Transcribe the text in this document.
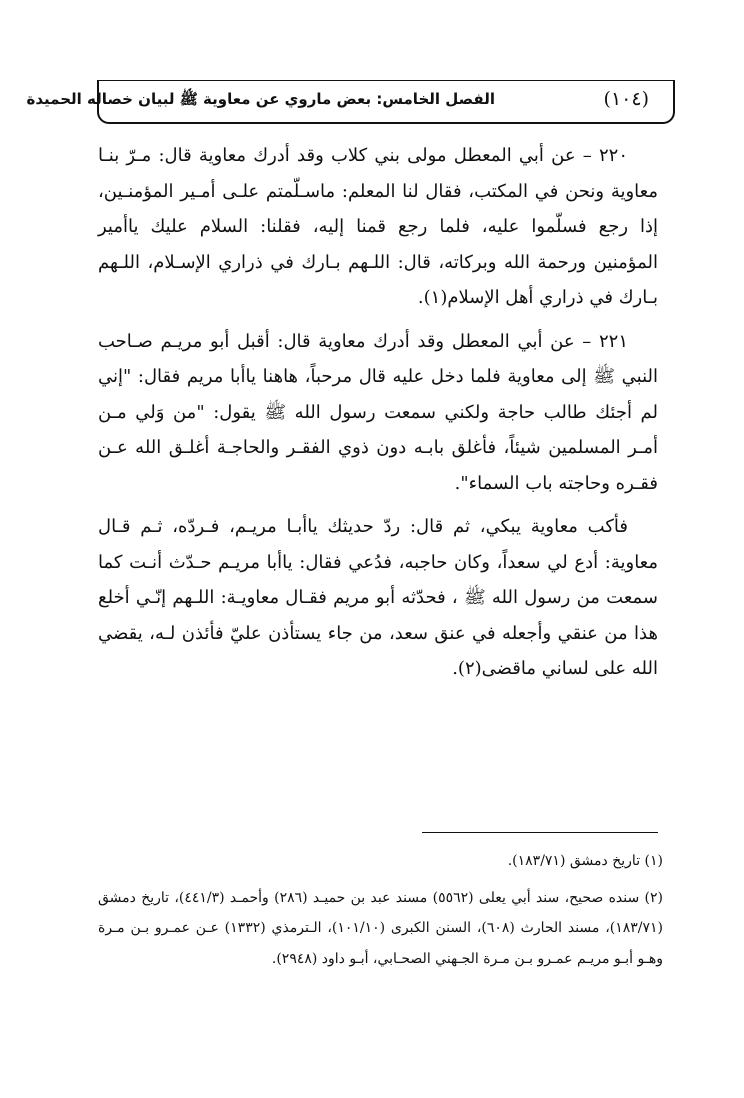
(١٠٤)
الفصل الخامس: بعض ماروي عن معاوية ﷺ لبيان خصاله الحميدة

٢٢٠ – عن أبي المعطل مولى بني كلاب وقد أدرك معاوية قال: مـرّ بنـا معاوية ونحن في المكتب، فقال لنا المعلم: ماسـلّمتم علـى أمـير المؤمنـين، إذا رجع فسلّموا عليه، فلما رجع قمنا إليه، فقلنا: السلام عليك ياأمير المؤمنين ورحمة الله وبركاته، قال: اللـهم بـارك في ذراري الإسـلام، اللـهم بـارك في ذراري أهل الإسلام(١).

٢٢١ – عن أبي المعطل وقد أدرك معاوية قال: أقبل أبو مريـم صـاحب النبي ﷺ إلى معاوية فلما دخل عليه قال مرحباً، هاهنا ياأبا مريم فقال: "إني لم أجئك طالب حاجة ولكني سمعت رسول الله ﷺ يقول: "من وَلي مـن أمـر المسلمين شيئاً، فأغلق بابـه دون ذوي الفقـر والحاجـة أغلـق الله عـن فقـره وحاجته باب السماء".

فأكب معاوية يبكي، ثم قال: ردّ حديثك ياأبـا مريـم، فـردّه، ثـم قـال معاوية: أدع لي سعداً، وكان حاجبه، فدُعي فقال: ياأبا مريـم حـدّث أنـت كما سمعت من رسول الله ﷺ ، فحدّثه أبو مريم فقـال معاويـة: اللـهم إنّـي أخلع هذا من عنقي وأجعله في عنق سعد، من جاء يستأذن عليّ فأئذن لـه، يقضي الله على لساني ماقضى(٢).

(١) تاريخ دمشق (١٨٣/٧١).

(٢) سنده صحيح، سند أبي يعلى (٥٥٦٢) مسند عبد بن حميـد (٢٨٦) وأحمـد (٤٤١/٣)، تاريخ دمشق (١٨٣/٧١)، مسند الحارث (٦٠٨)، السنن الكبرى (١٠١/١٠)، الـترمذي (١٣٣٢) عـن عمـرو بـن مـرة وهـو أبـو مريـم عمـرو بـن مـرة الجـهني الصحـابي، أبـو داود (٢٩٤٨).
